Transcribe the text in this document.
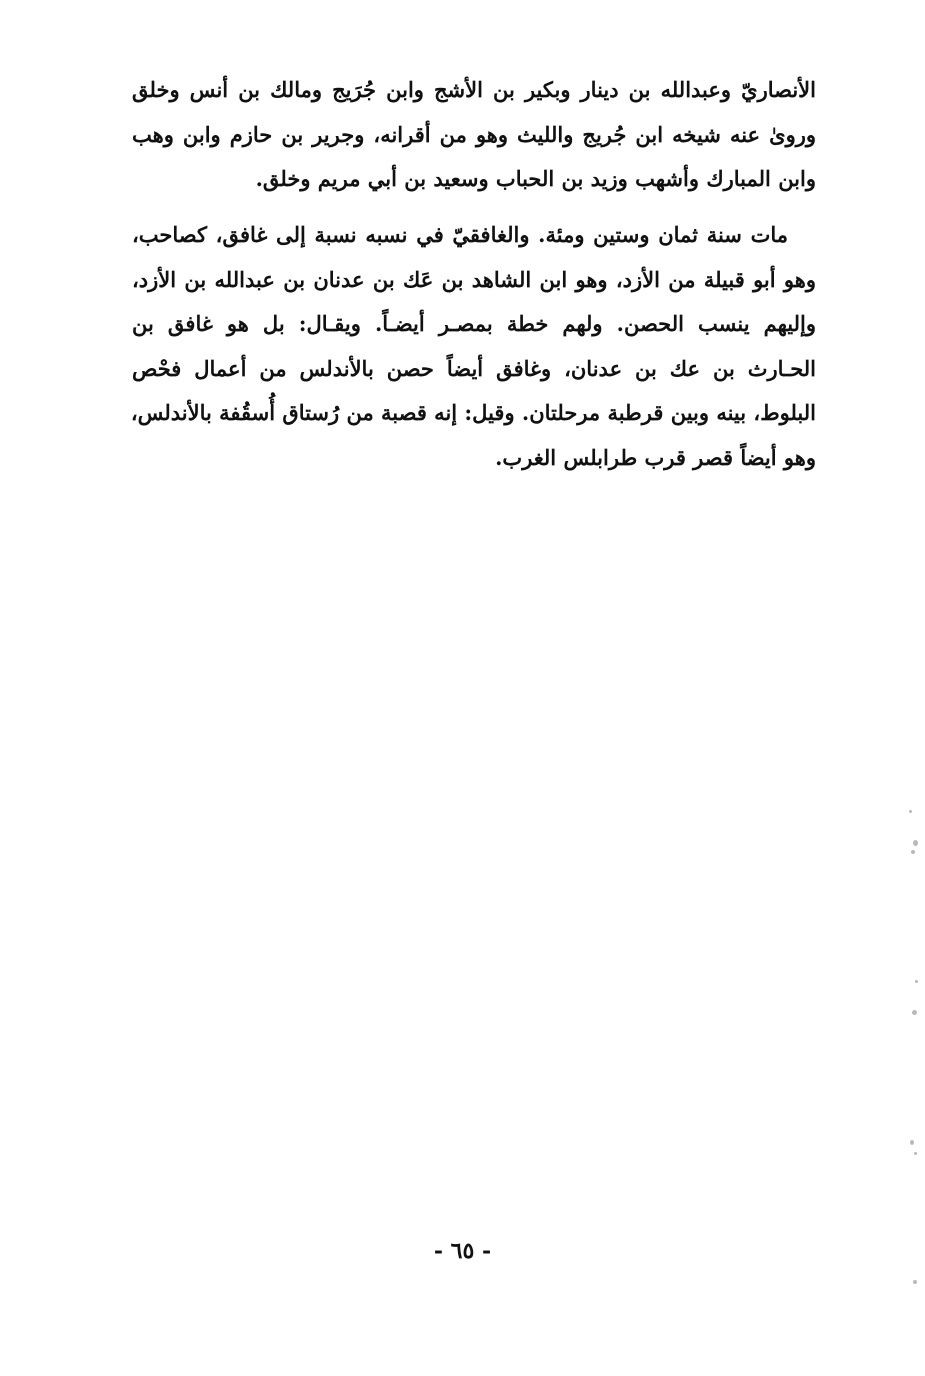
الأنصاريّ وعبدالله بن دينار وبكير بن الأشج وابن جُرَيج ومالك بن أنس وخلق
وروىٰ عنه شيخه ابن جُريج والليث وهو من أقرانه، وجرير بن حازم وابن وهب
وابن المبارك وأشهب وزيد بن الحباب وسعيد بن أبي مريم وخلق.

مات سنة ثمان وستين ومئة. والغافقيّ في نسبه نسبة إلى غافق، كصاحب،
وهو أبو قبيلة من الأزد، وهو ابن الشاهد بن عَك بن عدنان بن عبدالله بن الأزد،
وإليهم ينسب الحصن. ولهم خطة بمصـر أيضـاً. ويقـال: بل هو غافق بن
الحـارث بن عك بن عدنان، وغافق أيضاً حصن بالأندلس من أعمال فحْص
البلوط، بينه وبين قرطبة مرحلتان. وقيل: إنه قصبة من رُستاق أُسقُفة بالأندلس،
وهو أيضاً قصر قرب طرابلس الغرب.

- ٦٥ -
